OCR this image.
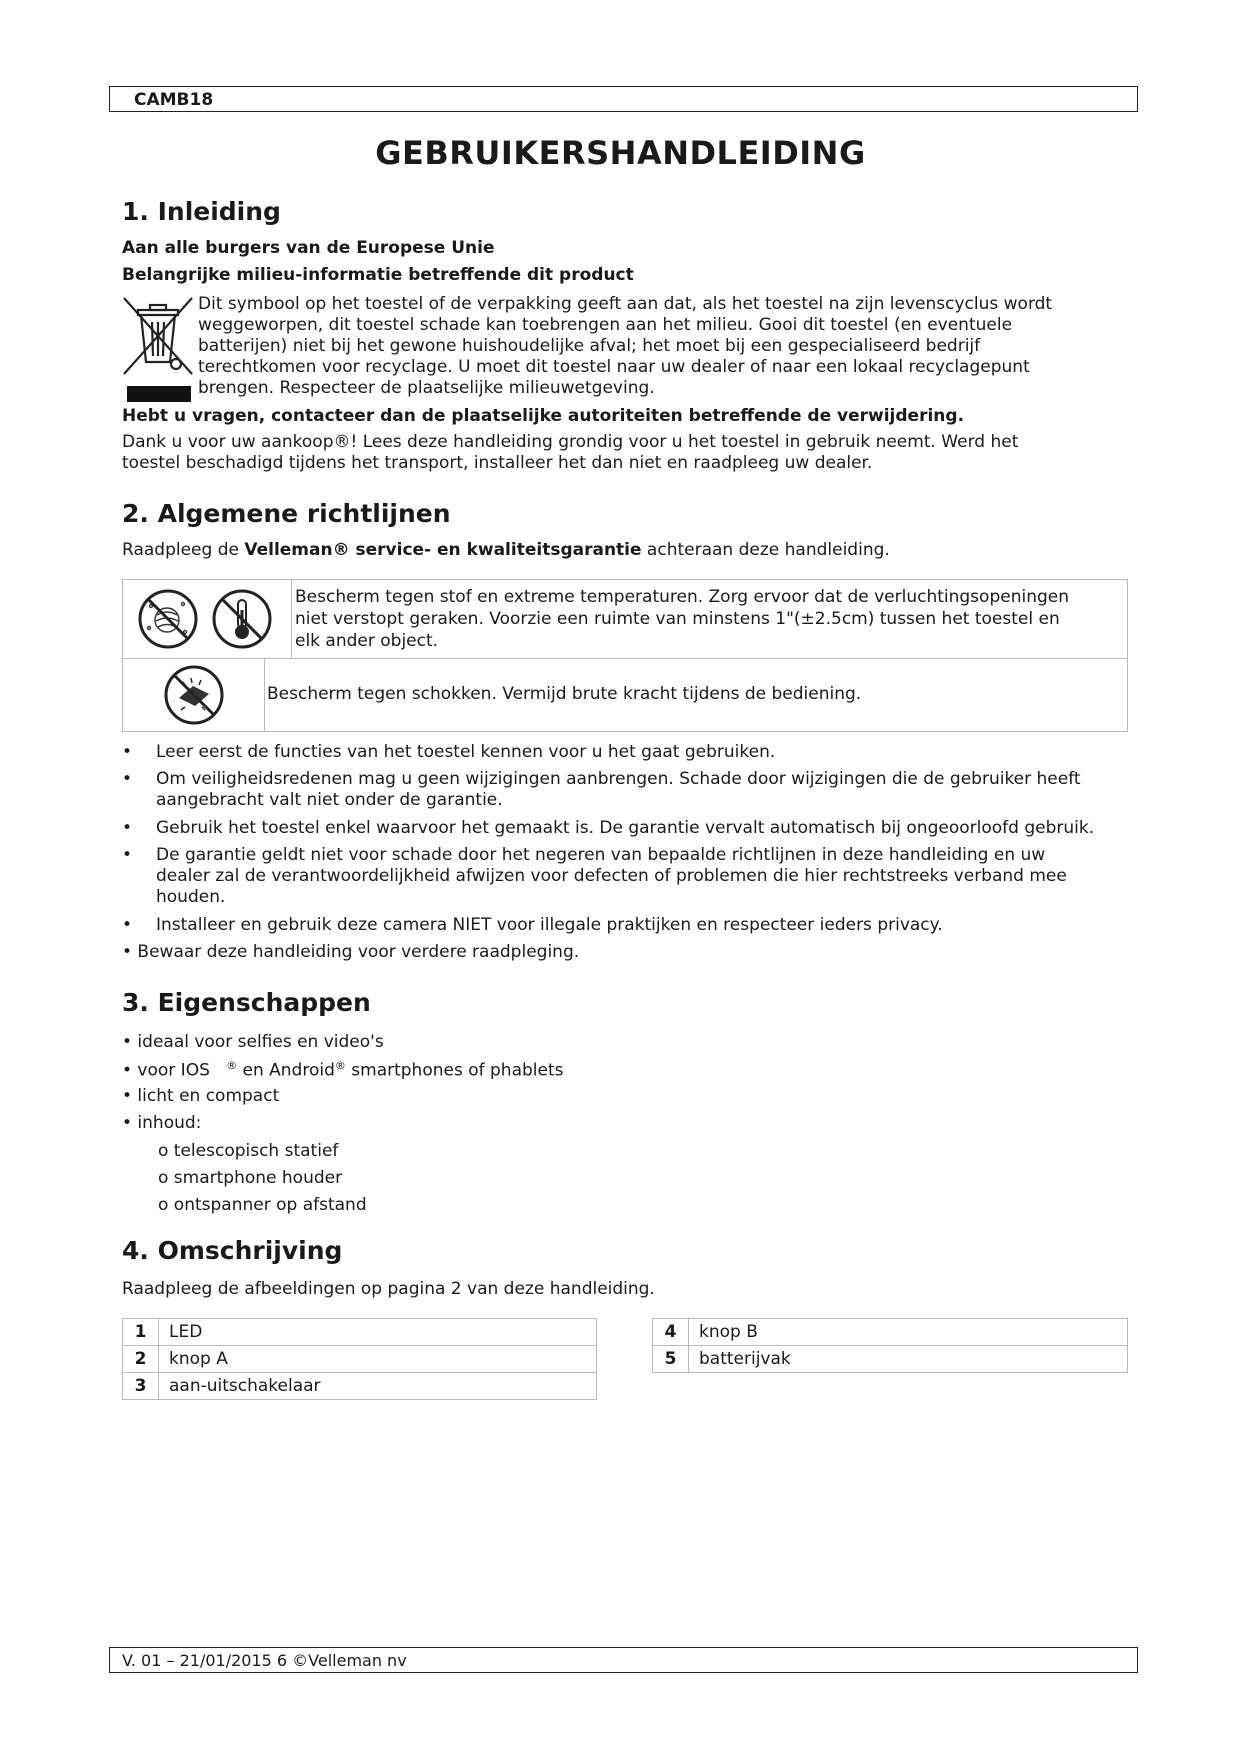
CAMB18
GEBRUIKERSHANDLEIDING
1. Inleiding
Aan alle burgers van de Europese Unie
Belangrijke milieu-informatie betreffende dit product
Dit symbool op het toestel of de verpakking geeft aan dat, als het toestel na zijn levenscyclus wordt
weggeworpen, dit toestel schade kan toebrengen aan het milieu. Gooi dit toestel (en eventuele
batterijen) niet bij het gewone huishoudelijke afval; het moet bij een gespecialiseerd bedrijf
terechtkomen voor recyclage. U moet dit toestel naar uw dealer of naar een lokaal recyclagepunt
brengen. Respecteer de plaatselijke milieuwetgeving.
Hebt u vragen, contacteer dan de plaatselijke autoriteiten betreffende de verwijdering.
Dank u voor uw aankoop®! Lees deze handleiding grondig voor u het toestel in gebruik neemt. Werd het
toestel beschadigd tijdens het transport, installeer het dan niet en raadpleeg uw dealer.
2. Algemene richtlijnen
Raadpleeg de Velleman® service- en kwaliteitsgarantie achteraan deze handleiding.
Bescherm tegen stof en extreme temperaturen. Zorg ervoor dat de verluchtingsopeningen
niet verstopt geraken. Voorzie een ruimte van minstens 1"(±2.5cm) tussen het toestel en
elk ander object.
Bescherm tegen schokken. Vermijd brute kracht tijdens de bediening.
• Leer eerst de functies van het toestel kennen voor u het gaat gebruiken.
• Om veiligheidsredenen mag u geen wijzigingen aanbrengen. Schade door wijzigingen die de gebruiker heeft
aangebracht valt niet onder de garantie.
• Gebruik het toestel enkel waarvoor het gemaakt is. De garantie vervalt automatisch bij ongeoorloofd gebruik.
• De garantie geldt niet voor schade door het negeren van bepaalde richtlijnen in deze handleiding en uw
dealer zal de verantwoordelijkheid afwijzen voor defecten of problemen die hier rechtstreeks verband mee
houden.
• Installeer en gebruik deze camera NIET voor illegale praktijken en respecteer ieders privacy.
• Bewaar deze handleiding voor verdere raadpleging.
3. Eigenschappen
• ideaal voor selfies en video's
• voor IOS ® en Android® smartphones of phablets
• licht en compact
• inhoud:
o telescopisch statief
o smartphone houder
o ontspanner op afstand
4. Omschrijving
Raadpleeg de afbeeldingen op pagina 2 van deze handleiding.
1	LED
2	knop A
3	aan-uitschakelaar
4	knop B
5	batterijvak
V. 01 – 21/01/2015 6 ©Velleman nv
